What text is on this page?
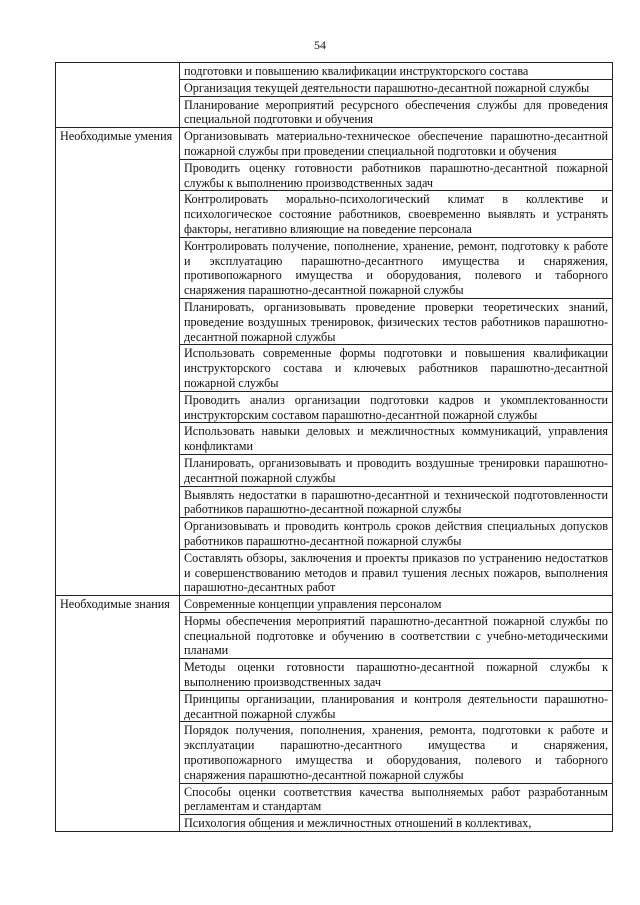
54
	подготовки и повышению квалификации инструкторского состава
	Организация текущей деятельности парашютно-десантной пожарной службы
	Планирование мероприятий ресурсного обеспечения службы для проведения специальной подготовки и обучения
Необходимые умения	Организовывать материально-техническое обеспечение парашютно-десантной пожарной службы при проведении специальной подготовки и обучения
	Проводить оценку готовности работников парашютно-десантной пожарной службы к выполнению производственных задач
	Контролировать морально-психологический климат в коллективе и психологическое состояние работников, своевременно выявлять и устранять факторы, негативно влияющие на поведение персонала
	Контролировать получение, пополнение, хранение, ремонт, подготовку к работе и эксплуатацию парашютно-десантного имущества и снаряжения, противопожарного имущества и оборудования, полевого и таборного снаряжения парашютно-десантной пожарной службы
	Планировать, организовывать проведение проверки теоретических знаний, проведение воздушных тренировок, физических тестов работников парашютно-десантной пожарной службы
	Использовать современные формы подготовки и повышения квалификации инструкторского состава и ключевых работников парашютно-десантной пожарной службы
	Проводить анализ организации подготовки кадров и укомплектованности инструкторским составом парашютно-десантной пожарной службы
	Использовать навыки деловых и межличностных коммуникаций, управления конфликтами
	Планировать, организовывать и проводить воздушные тренировки парашютно-десантной пожарной службы
	Выявлять недостатки в парашютно-десантной и технической подготовленности работников парашютно-десантной пожарной службы
	Организовывать и проводить контроль сроков действия специальных допусков работников парашютно-десантной пожарной службы
	Составлять обзоры, заключения и проекты приказов по устранению недостатков и совершенствованию методов и правил тушения лесных пожаров, выполнения парашютно-десантных работ
Необходимые знания	Современные концепции управления персоналом
	Нормы обеспечения мероприятий парашютно-десантной пожарной службы по специальной подготовке и обучению в соответствии с учебно-методическими планами
	Методы оценки готовности парашютно-десантной пожарной службы к выполнению производственных задач
	Принципы организации, планирования и контроля деятельности парашютно-десантной пожарной службы
	Порядок получения, пополнения, хранения, ремонта, подготовки к работе и эксплуатации парашютно-десантного имущества и снаряжения, противопожарного имущества и оборудования, полевого и таборного снаряжения парашютно-десантной пожарной службы
	Способы оценки соответствия качества выполняемых работ разработанным регламентам и стандартам
	Психология общения и межличностных отношений в коллективах,
